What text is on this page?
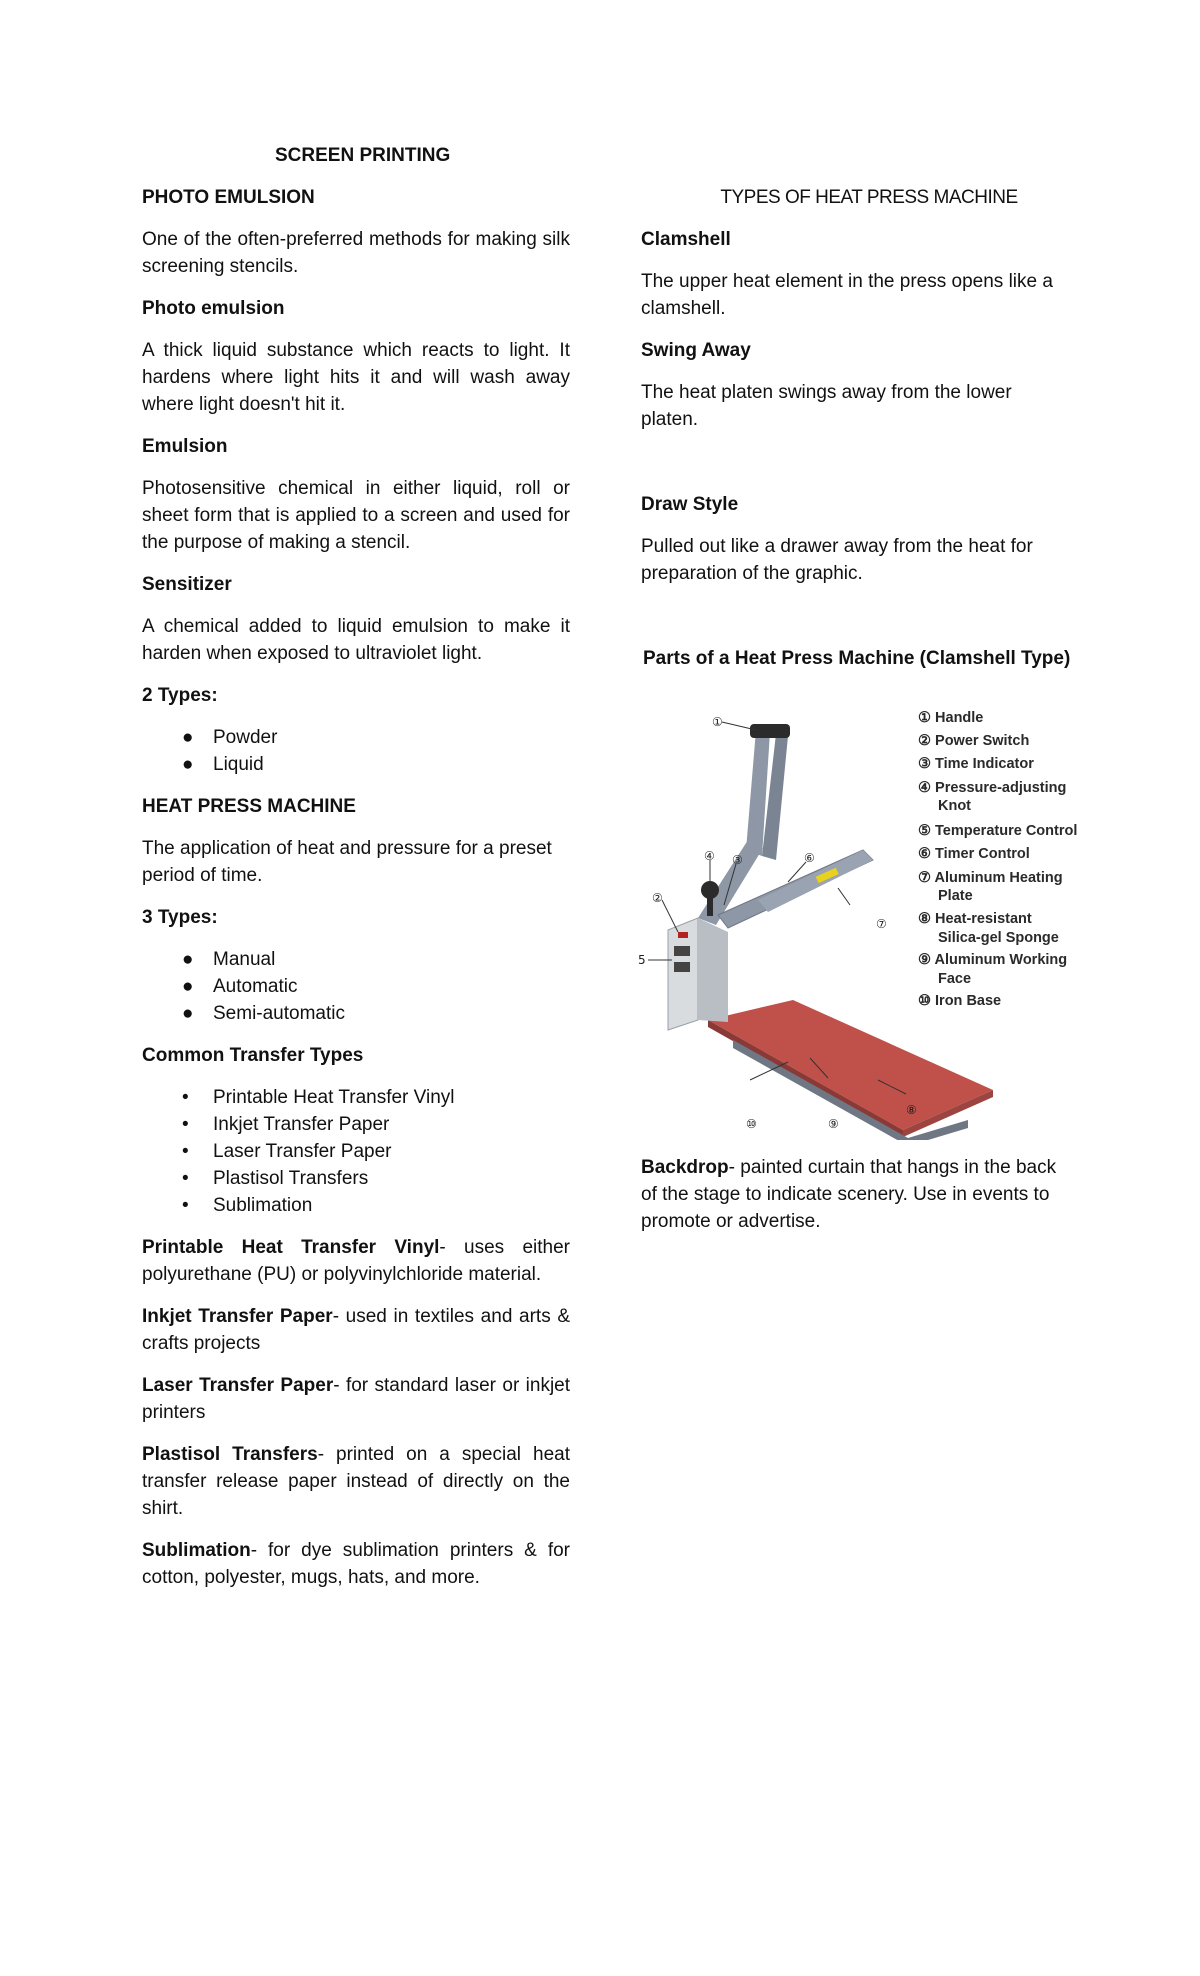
SCREEN PRINTING

PHOTO EMULSION

One of the often-preferred methods for making silk screening stencils.

Photo emulsion

A thick liquid substance which reacts to light. It hardens where light hits it and will wash away where light doesn't hit it.

Emulsion

Photosensitive chemical in either liquid, roll or sheet form that is applied to a screen and used for the purpose of making a stencil.

Sensitizer

A chemical added to liquid emulsion to make it harden when exposed to ultraviolet light.

2 Types:

● Powder
● Liquid

HEAT PRESS MACHINE

The application of heat and pressure for a preset period of time.

3 Types:

● Manual
● Automatic
● Semi-automatic

Common Transfer Types

• Printable Heat Transfer Vinyl
• Inkjet Transfer Paper
• Laser Transfer Paper
• Plastisol Transfers
• Sublimation

Printable Heat Transfer Vinyl- uses either polyurethane (PU) or polyvinylchloride material.

Inkjet Transfer Paper- used in textiles and arts & crafts projects

Laser Transfer Paper- for standard laser or inkjet printers

Plastisol Transfers- printed on a special heat transfer release paper instead of directly on the shirt.

Sublimation- for dye sublimation printers & for cotton, polyester, mugs, hats, and more.

TYPES OF HEAT PRESS MACHINE

Clamshell

The upper heat element in the press opens like a clamshell.

Swing Away

The heat platen swings away from the lower platen.

Draw Style

Pulled out like a drawer away from the heat for preparation of the graphic.

Parts of a Heat Press Machine (Clamshell Type)

Backdrop- painted curtain that hangs in the back of the stage to indicate scenery. Use in events to promote or advertise.

①
②
④ ③	⑥
⑦
5
⑧
⑩	⑨
① Handle
② Power Switch
③ Time Indicator
④ Pressure-adjusting
Knot
⑤ Temperature Control
⑥ Timer Control
⑦ Aluminum Heating
Plate
⑧ Heat-resistant
Silica-gel Sponge
⑨ Aluminum Working
Face
⑩ Iron Base
